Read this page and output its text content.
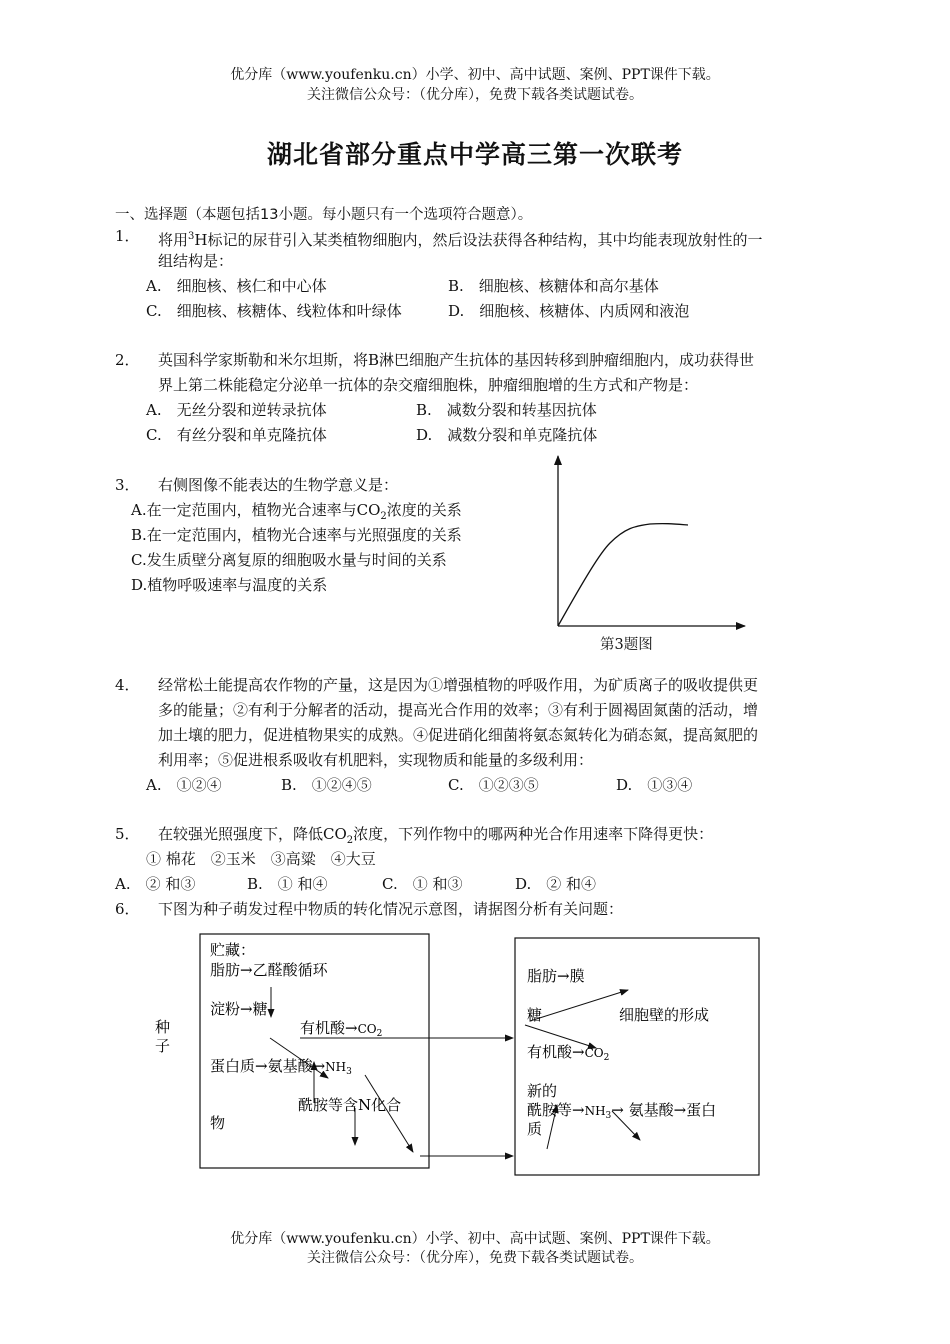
优分库（www.youfenku.cn）小学、初中、高中试题、案例、PPT课件下载。
关注微信公众号：（优分库），免费下载各类试题试卷。
湖北省部分重点中学高三第一次联考
一、选择题（本题包括13小题。每小题只有一个选项符合题意）。
1． 将用$^3$H标记的尿苷引入某类植物细胞内，然后设法获得各种结构，其中均能表现放射性的一
组结构是：
A.　细胞核、核仁和中心体	B.　细胞核、核糖体和高尔基体
C.　细胞核、核糖体、线粒体和叶绿体	D.　细胞核、核糖体、内质网和液泡
2． 英国科学家斯勒和米尔坦斯，将B淋巴细胞产生抗体的基因转移到肿瘤细胞内，成功获得世
界上第二株能稳定分泌单一抗体的杂交瘤细胞株，肿瘤细胞增的生方式和产物是：
A.　无丝分裂和逆转录抗体	B.　减数分裂和转基因抗体
C.　有丝分裂和单克隆抗体	D.　减数分裂和单克隆抗体
3． 右侧图像不能表达的生物学意义是：
A.在一定范围内，植物光合速率与$CO_2$浓度的关系
B.在一定范围内，植物光合速率与光照强度的关系
C.发生质壁分离复原的细胞吸水量与时间的关系
D.植物呼吸速率与温度的关系
第3题图
4． 经常松土能提高农作物的产量，这是因为①增强植物的呼吸作用，为矿质离子的吸收提供更
多的能量；②有利于分解者的活动，提高光合作用的效率；③有利于圆褐固氮菌的活动，增
加土壤的肥力，促进植物果实的成熟。④促进硝化细菌将氨态氮转化为硝态氮，提高氮肥的
利用率；⑤促进根系吸收有机肥料，实现物质和能量的多级利用：
A.　①②④	B.　①②④⑤	C.　①②③⑤	D.　①③④
5． 在较强光照强度下，降低$CO_2$浓度，下列作物中的哪两种光合作用速率下降得更快：
① 棉花　②玉米　③高粱　④大豆
A.　② 和③	B.　① 和④	C.　① 和③	D.　② 和④
6． 下图为种子萌发过程中物质的转化情况示意图，请据图分析有关问题：
种
子
贮藏：
脂肪→乙醛酸循环
淀粉→糖
有机酸$\to CO_2$
蛋白质→氨基酸$\to NH_3$
酰胺等含N化合
物
脂肪→膜
糖	细胞壁的形成
有机酸$\to CO_2$
新的
酰胺等$\to NH_3\to$ 氨基酸→蛋白
质
优分库（www.youfenku.cn）小学、初中、高中试题、案例、PPT课件下载。
关注微信公众号：（优分库），免费下载各类试题试卷。
